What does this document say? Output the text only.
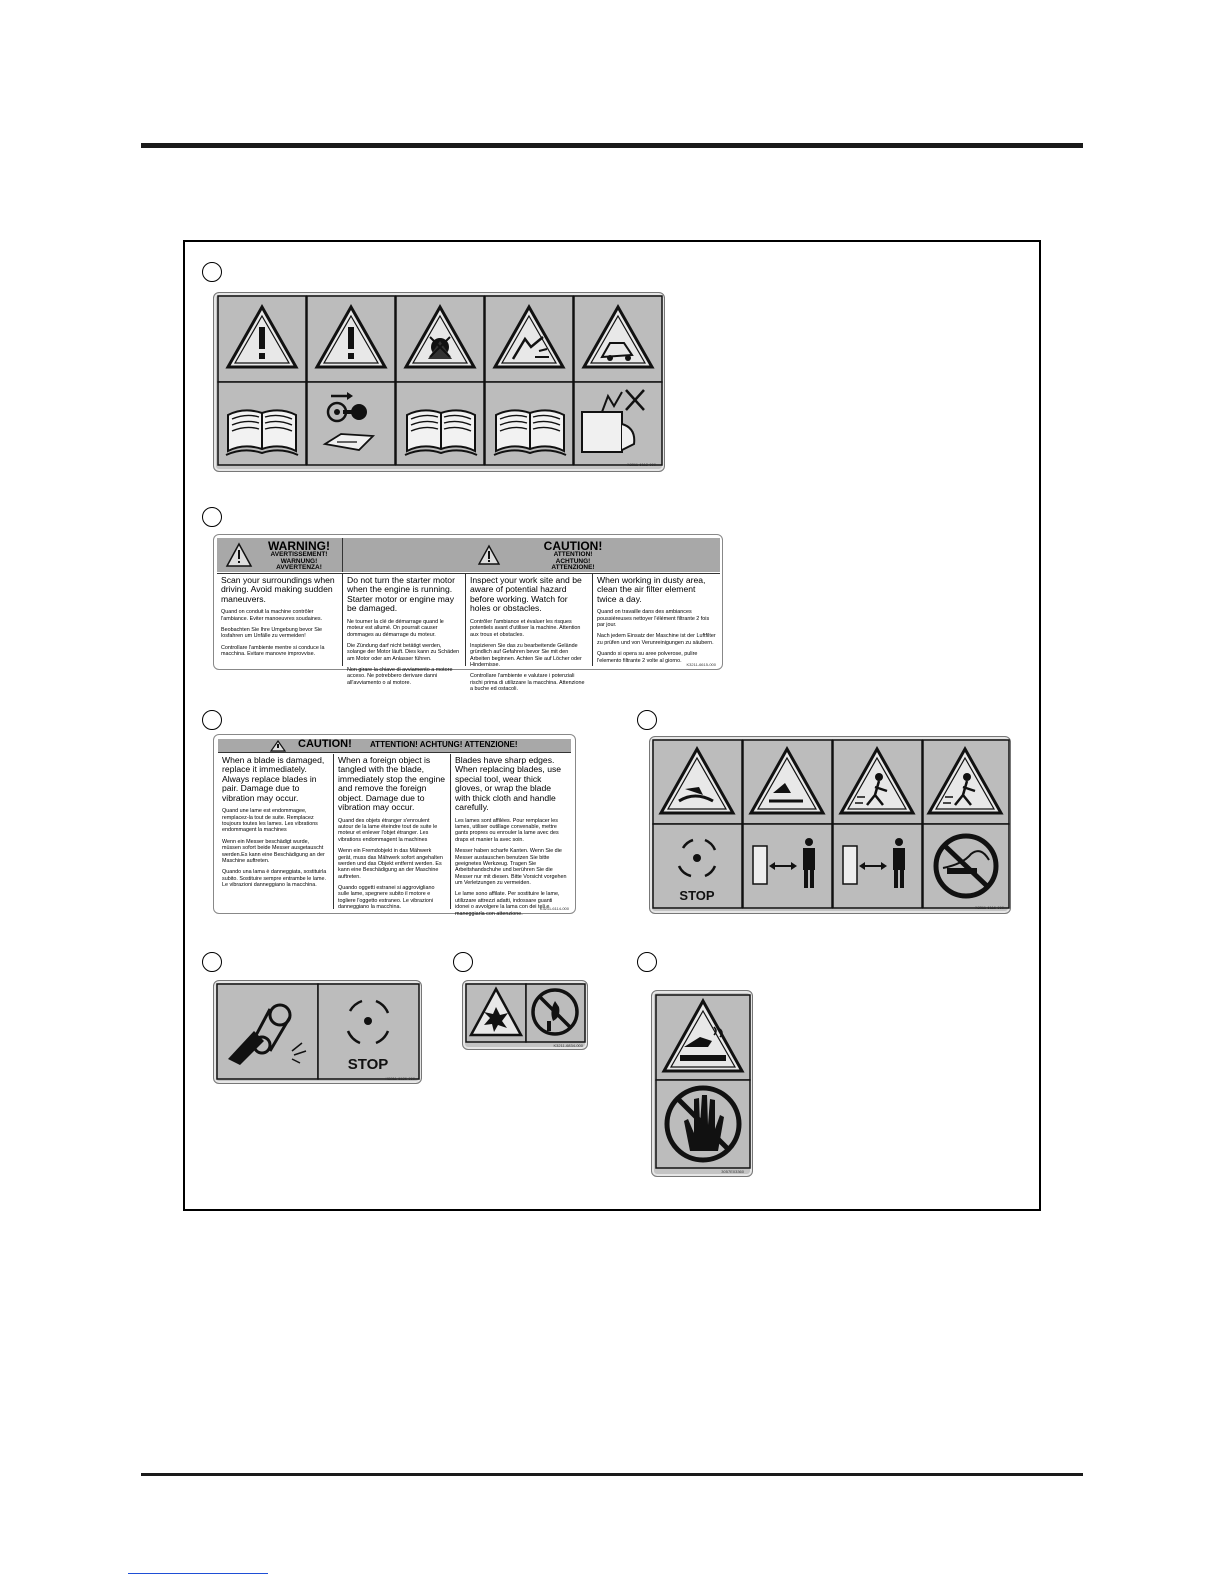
K3211-6113-000
WARNING!
AVERTISSEMENT!
WARNUNG!
AVVERTENZA!
CAUTION!
ATTENTION!
ACHTUNG!
ATTENZIONE!

Scan your surroundings when driving. Avoid making sudden maneuvers.

Quand on conduit la machine contrôler l'ambiance. Eviter manoeuvres soudaines.

Beobachten Sie Ihre Umgebung bevor Sie losfahren um Unfälle zu vermeiden!

Controllare l'ambiente mentre si conduce la macchina. Evitare manovre improvvise.

Do not turn the starter motor when the engine is running. Starter motor or engine may be damaged.

Ne tourner la clé de démarrage quand le moteur est allumé. On pourrait causer dommages au démarrage du moteur.

Die Zündung darf nicht betätigt werden, solange der Motor läuft. Dies kann zu Schäden am Motor oder am Anlasser führen.

Non girare la chiave di avviamento a motore acceso. Ne potrebbero derivare danni all'avviamento o al motore.

Inspect your work site and be aware of potential hazard before working. Watch for holes or obstacles.

Contrôler l'ambiance et évaluer les risques potentiels avant d'utiliser la machine. Attention aux trous et obstacles.

Inspizieren Sie das zu bearbeitende Gelände gründlich auf Gefahren bevor Sie mit den Arbeiten beginnen. Achten Sie auf Löcher oder Hindernisse.

Controllare l'ambiente e valutare i potenziali rischi prima di utilizzare la macchina. Attenzione a buche ed ostacoli.

When working in dusty area, clean the air filter element twice a day.

Quand on travaille dans des ambiances poussiéreuses nettoyer l'élément filtrante 2 fois par jour.

Nach jedem Einsatz der Maschine ist der Luftfilter zu prüfen und von Verunreinigungen zu säubern.

Quando si opera su aree polverose, pulire l'elemento filtrante 2 volte al giorno.

K3211-6615-000
CAUTION! ATTENTION! ACHTUNG! ATTENZIONE!

When a blade is damaged, replace it immediately. Always replace blades in pair. Damage due to vibration may occur.

Quand une lame est endommagee, remplacez-la tout de suite. Remplacez toujours toutes les lames. Les vibrations endommagent la machines

Wenn ein Messer beschädigt wurde, müssen sofort beide Messer ausgetauscht werden.Es kann eine Beschädigung an der Maschine auftreten.

Quando una lama è danneggiata, sostituirla subito. Sostituire sempre entrambe le lame. Le vibrazioni danneggiano la macchina.

When a foreign object is tangled with the blade, immediately stop the engine and remove the foreign object. Damage due to vibration may occur.

Quand des objets étranger s'enroulent autour de la lame éteindre tout de suite le moteur et enlever l'objet étranger. Les vibrations endommagent la machines

Wenn ein Fremdobjekt in das Mähwerk gerät, muss das Mähwerk sofort angehalten werden und das Objekt entfernt werden. Es kann eine Beschädigung an der Maschine auftreten.

Quando oggetti estranei si aggrovigliano sulle lame, spegnere subito il motore e togliere l'oggetto estraneo. Le vibrazioni danneggiano la macchina.

Blades have sharp edges. When replacing blades, use special tool, wear thick gloves, or wrap the blade with thick cloth and handle carefully.

Les lames sont affilées. Pour remplacer les lames, utiliser outillage convenable, mettre gants propres ou enrouler la lame avec des draps et manier la avec soin.

Messer haben scharfe Kanten. Wenn Sie die Messer austauschen benutzen Sie bitte geeignetes Werkzeug. Tragen Sie Arbeitshandschuhe und berühren Sie die Messer nur mit diesen. Bitte Vorsicht vorgehen um Verletzungen zu vermeiden.

Le lame sono affilate. Per sostituire le lame, utilizzare attrezzi adatti, indossare guanti idonei o avvolgere la lama con dei teli e maneggiarla con attenzione.

K3211-6114-000
STOP
K3211-6116-000
STOP
K3211-6136-000
K3211-6834-000
3057E03360
